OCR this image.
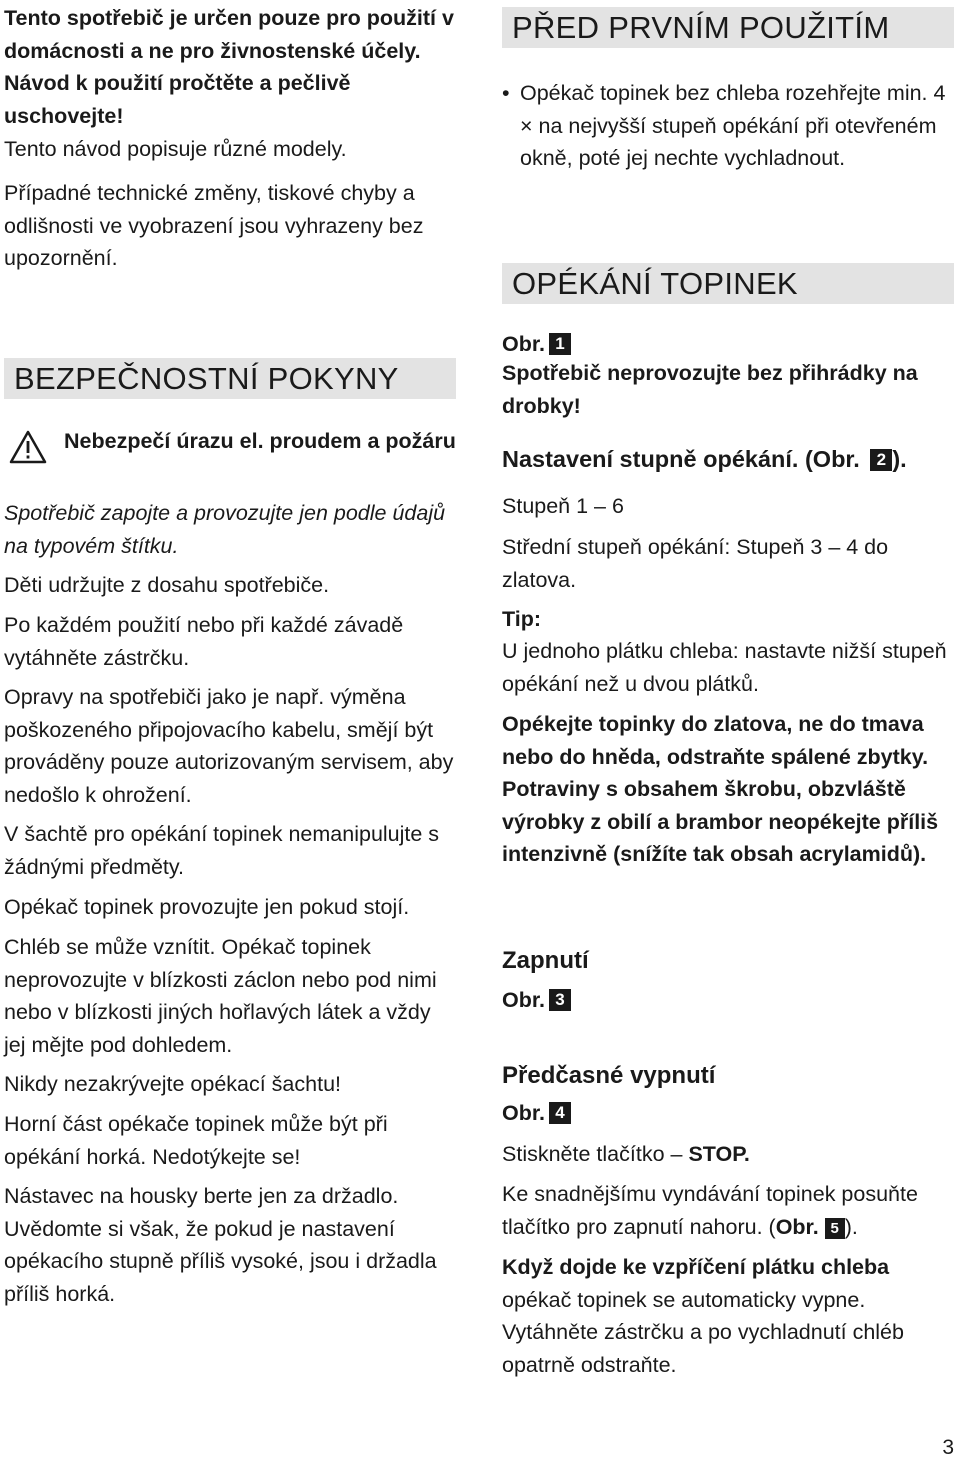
Tento spotřebič je určen pouze pro použití v domácnosti a ne pro živnostenské účely. Návod k použití pročtěte a pečlivě uschovejte!

Tento návod popisuje různé modely.

Případné technické změny, tiskové chyby a odlišnosti ve vyobrazení jsou vyhrazeny bez upozornění.

BEZPEČNOSTNÍ POKYNY

Nebezpečí úrazu el. proudem a požáru

Spotřebič zapojte a provozujte jen podle údajů na typovém štítku.

Děti udržujte z dosahu spotřebiče.

Po každém použití nebo při každé závadě vytáhněte zástrčku.

Opravy na spotřebiči jako je např. výměna poškozeného připojovacího kabelu, smějí být prováděny pouze autorizovaným servisem, aby nedošlo k ohrožení.

V šachtě pro opékání topinek nemanipulujte s žádnými předměty.

Opékač topinek provozujte jen pokud stojí.

Chléb se může vznítit. Opékač topinek neprovozujte v blízkosti záclon nebo pod nimi nebo v blízkosti jiných hořlavých látek a vždy jej mějte pod dohledem.

Nikdy nezakrývejte opékací šachtu!

Horní část opékače topinek může být při opékání horká. Nedotýkejte se!

Nástavec na housky berte jen za držadlo. Uvědomte si však, že pokud je nastavení opékacího stupně příliš vysoké, jsou i držadla příliš horká.

PŘED PRVNÍM POUŽITÍM
• Opékač topinek bez chleba rozehřejte min. 4 × na nejvyšší stupeň opékání při otevřeném okně, poté jej nechte vychladnout.
OPÉKÁNÍ TOPINEK

Obr. 1

Spotřebič neprovozujte bez přihrádky na drobky!

Nastavení stupně opékání. (Obr. 2 ).

Stupeň 1 – 6

Střední stupeň opékání: Stupeň 3 – 4 do zlatova.

Tip:

U jednoho plátku chleba: nastavte nižší stupeň opékání než u dvou plátků.

Opékejte topinky do zlatova, ne do tmava nebo do hněda, odstraňte spálené zbytky. Potraviny s obsahem škrobu, obzvláště výrobky z obilí a brambor neopékejte příliš intenzivně (snížíte tak obsah acrylamidů).

Zapnutí

Obr. 3

Předčasné vypnutí

Obr. 4

Stiskněte tlačítko – STOP.

Ke snadnějšímu vyndávání topinek posuňte tlačítko pro zapnutí nahoru. (Obr. 5 ).

Když dojde ke vzpříčení plátku chleba opékač topinek se automaticky vypne. Vytáhněte zástrčku a po vychladnutí chléb opatrně odstraňte.

3
